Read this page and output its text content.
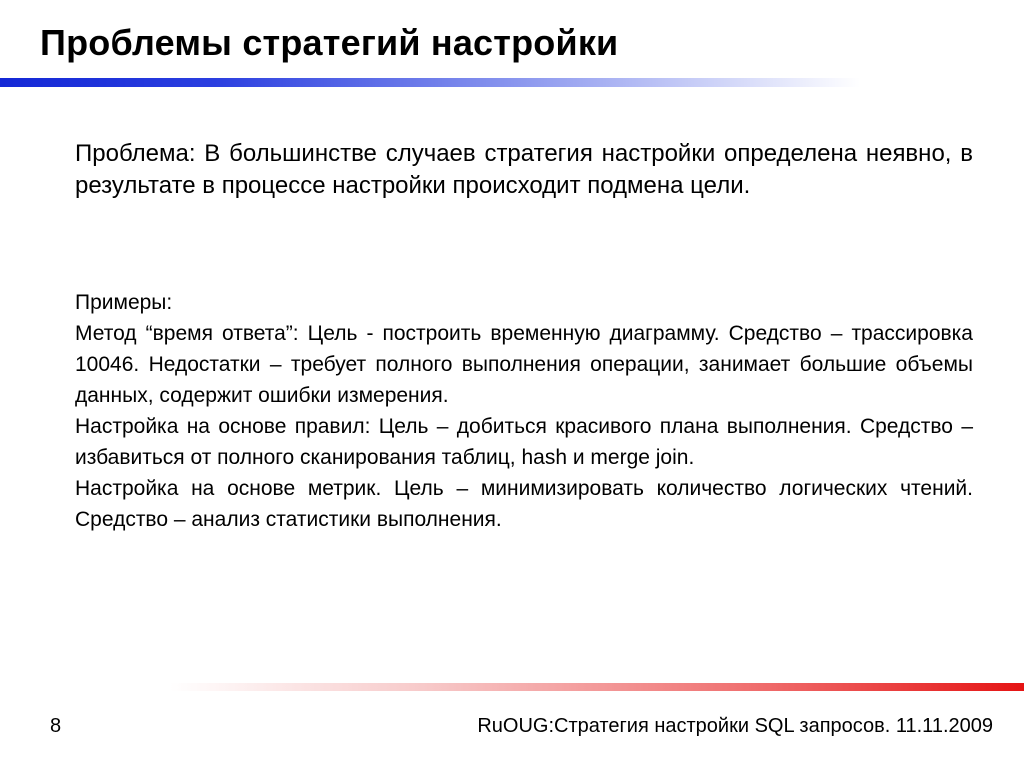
Проблемы стратегий настройки
Проблема: В большинстве случаев стратегия настройки определена неявно, в результате в процессе настройки происходит подмена цели.

Примеры:

Метод “время ответа”: Цель - построить временную диаграмму. Средство – трассировка 10046. Недостатки – требует полного выполнения операции, занимает большие объемы данных, содержит ошибки измерения.

Настройка на основе правил: Цель – добиться красивого плана выполнения. Средство – избавиться от полного сканирования таблиц, hash и merge join.

Настройка на основе метрик. Цель – минимизировать количество логических чтений. Средство – анализ статистики выполнения.

8	RuOUG:Стратегия настройки SQL запросов. 11.11.2009
